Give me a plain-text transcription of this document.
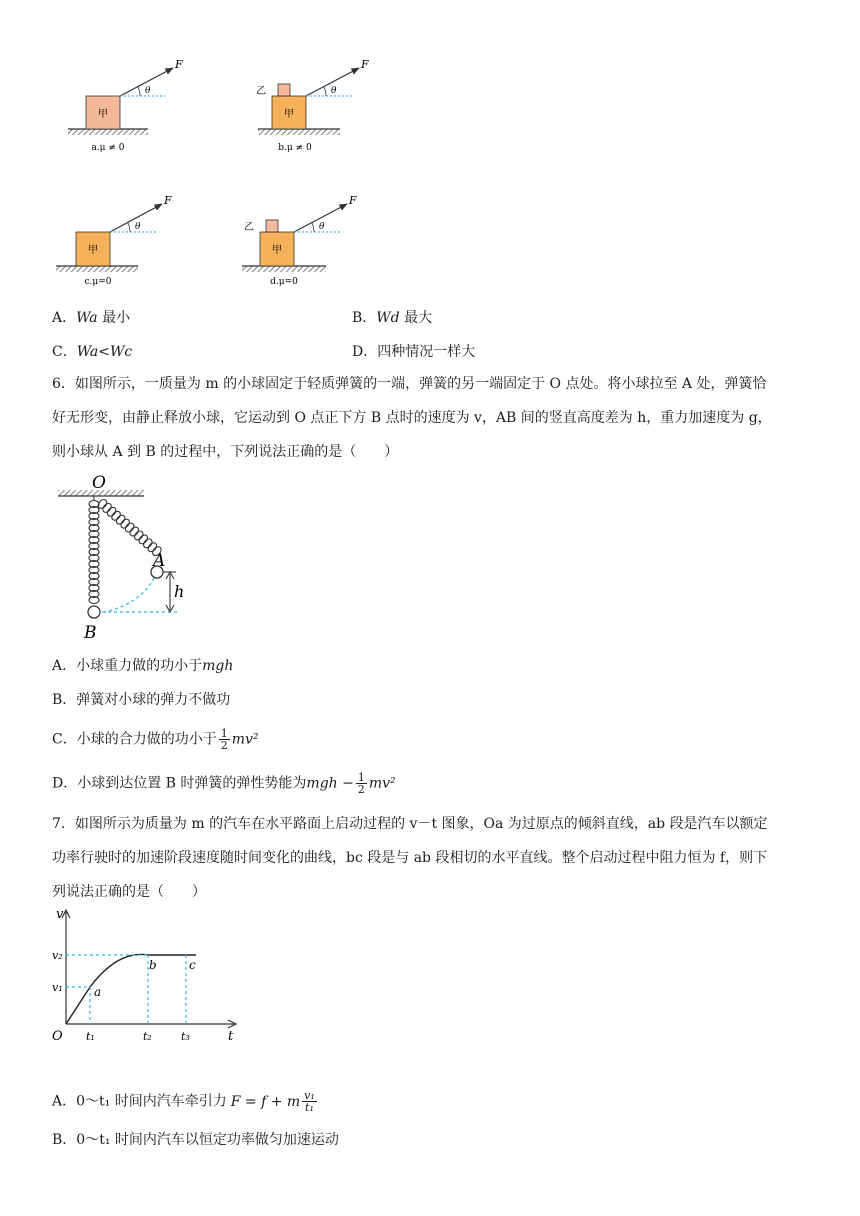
甲
F
θ
a.μ ≠ 0
甲
乙
F
θ
b.μ ≠ 0
甲
F
θ
c.μ=0
甲
乙
F
θ
d.μ=0
A．Wa 最小	B．Wd 最大
C．Wa<Wc	D．四种情况一样大
6．如图所示，一质量为 m 的小球固定于轻质弹簧的一端，弹簧的另一端固定于 O 点处。将小球拉至 A 处，弹簧恰
好无形变，由静止释放小球，它运动到 O 点正下方 B 点时的速度为 v，AB 间的竖直高度差为 h，重力加速度为 g，
则小球从 A 到 B 的过程中，下列说法正确的是（　　）
O
A
B
h
A．小球重力做的功小于mgh
B．弹簧对小球的弹力不做功
C．小球的合力做的功小于 $\frac{1}{2} mv^2$
D．小球到达位置 B 时弹簧的弹性势能为mgh − $\frac{1}{2} mv^2$
7．如图所示为质量为 m 的汽车在水平路面上启动过程的 v－t 图象，Oa 为过原点的倾斜直线，ab 段是汽车以额定
功率行驶时的加速阶段速度随时间变化的曲线，bc 段是与 ab 段相切的水平直线。整个启动过程中阻力恒为 f，则下
列说法正确的是（　　）
v
t
O
v₂
v₁
t₁	t₂	t₃
a
b	c
A．0～t₁ 时间内汽车牵引力 F = f + m $\frac{\text{v₁}}{\text{t₁}}$
B．0～t₁ 时间内汽车以恒定功率做匀加速运动
